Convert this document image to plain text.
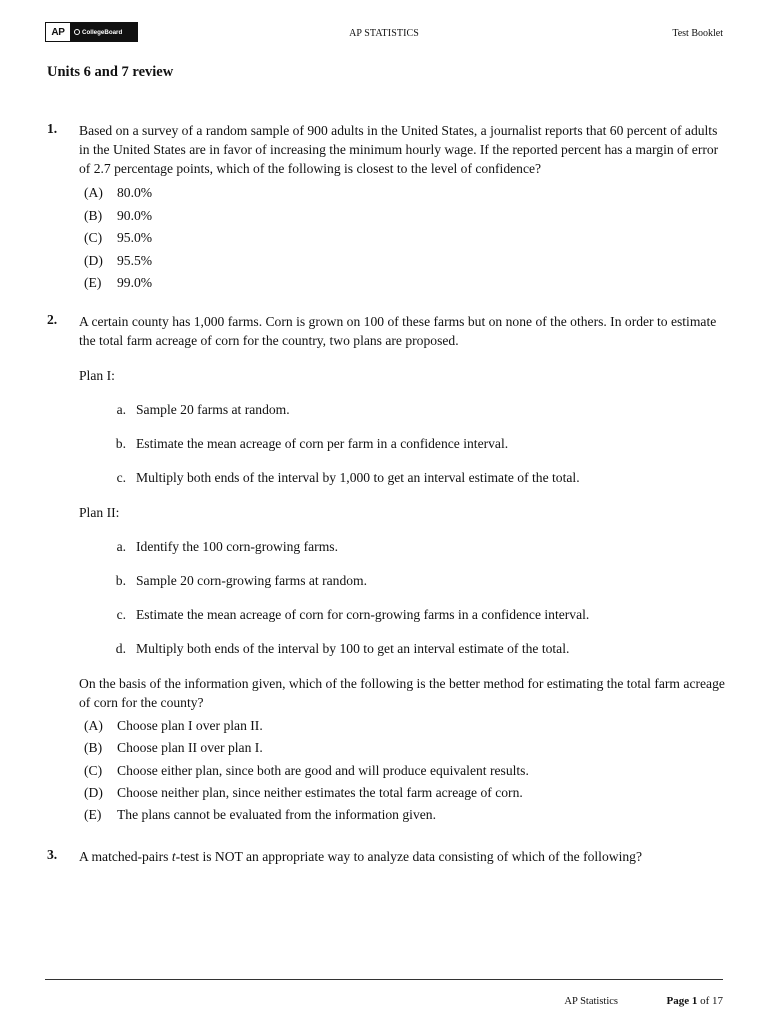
AP	CollegeBoard	AP STATISTICS	Test Booklet
Units 6 and 7 review
1. Based on a survey of a random sample of 900 adults in the United States, a journalist reports that 60 percent of adults in the United States are in favor of increasing the minimum hourly wage. If the reported percent has a margin of error of 2.7 percentage points, which of the following is closest to the level of confidence?
(A)	80.0%
(B)	90.0%
(C)	95.0%
(D)	95.5%
(E)	99.0%
2. A certain county has 1,000 farms. Corn is grown on 100 of these farms but on none of the others. In order to estimate the total farm acreage of corn for the country, two plans are proposed.
Plan I:
a. Sample 20 farms at random.
b. Estimate the mean acreage of corn per farm in a confidence interval.
c. Multiply both ends of the interval by 1,000 to get an interval estimate of the total.
Plan II:
a. Identify the 100 corn-growing farms.
b. Sample 20 corn-growing farms at random.
c. Estimate the mean acreage of corn for corn-growing farms in a confidence interval.
d. Multiply both ends of the interval by 100 to get an interval estimate of the total.
On the basis of the information given, which of the following is the better method for estimating the total farm acreage of corn for the county?
(A)	Choose plan I over plan II.
(B)	Choose plan II over plan I.
(C)	Choose either plan, since both are good and will produce equivalent results.
(D)	Choose neither plan, since neither estimates the total farm acreage of corn.
(E)	The plans cannot be evaluated from the information given.
3. A matched-pairs t-test is NOT an appropriate way to analyze data consisting of which of the following?
AP Statistics	Page 1 of 17
